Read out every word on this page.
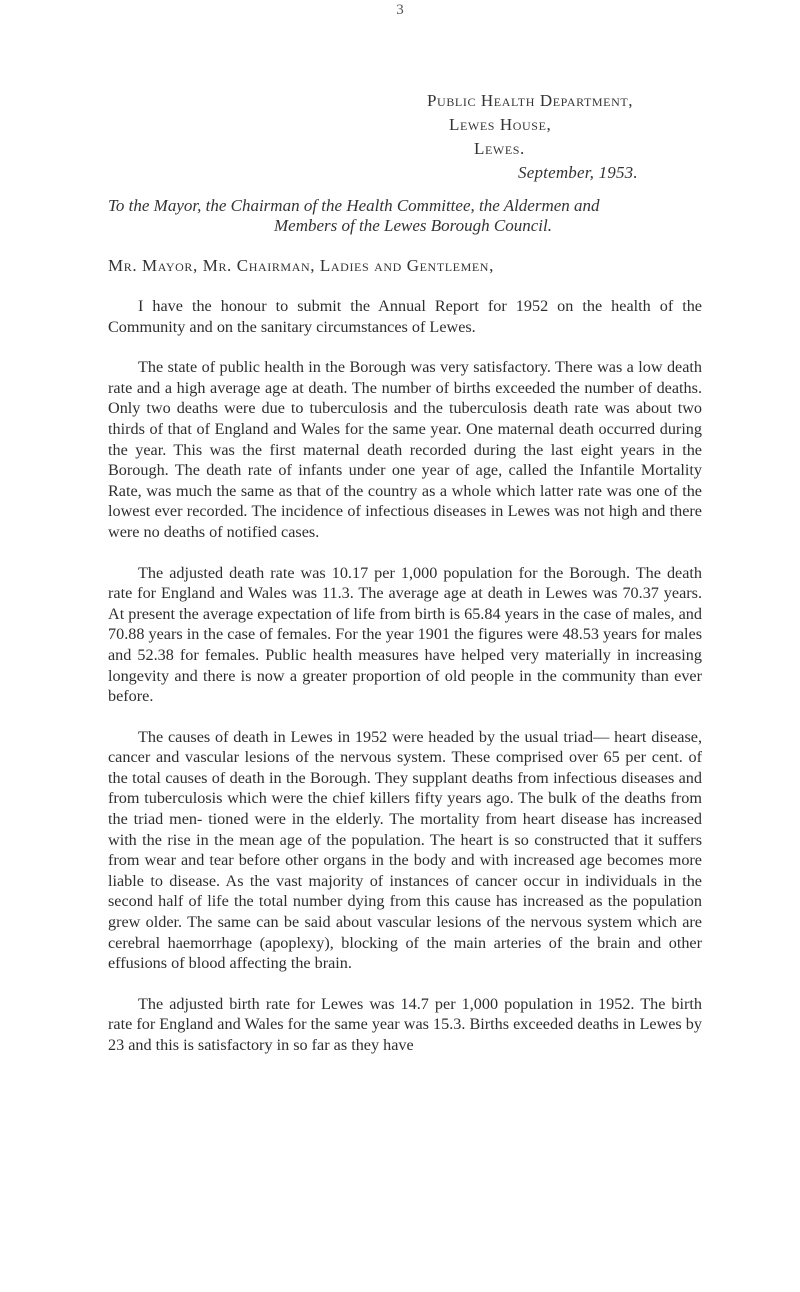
3
Public Health Department,
Lewes House,
Lewes.
September, 1953.
To the Mayor, the Chairman of the Health Committee, the Aldermen and
Members of the Lewes Borough Council.
Mr. Mayor, Mr. Chairman, Ladies and Gentlemen,

I have the honour to submit the Annual Report for 1952 on the health of the Community and on the sanitary circumstances of Lewes.

The state of public health in the Borough was very satisfactory. There was a low death rate and a high average age at death. The number of births exceeded the number of deaths. Only two deaths were due to tuberculosis and the tuberculosis death rate was about two thirds of that of England and Wales for the same year. One maternal death occurred during the year. This was the first maternal death recorded during the last eight years in the Borough. The death rate of infants under one year of age, called the Infantile Mortality Rate, was much the same as that of the country as a whole which latter rate was one of the lowest ever recorded. The incidence of infectious diseases in Lewes was not high and there were no deaths of notified cases.

The adjusted death rate was 10.17 per 1,000 population for the Borough. The death rate for England and Wales was 11.3. The average age at death in Lewes was 70.37 years. At present the average expectation of life from birth is 65.84 years in the case of males, and 70.88 years in the case of females. For the year 1901 the figures were 48.53 years for males and 52.38 for females. Public health measures have helped very materially in increasing longevity and there is now a greater proportion of old people in the community than ever before.

The causes of death in Lewes in 1952 were headed by the usual triad— heart disease, cancer and vascular lesions of the nervous system. These comprised over 65 per cent. of the total causes of death in the Borough. They supplant deaths from infectious diseases and from tuberculosis which were the chief killers fifty years ago. The bulk of the deaths from the triad men- tioned were in the elderly. The mortality from heart disease has increased with the rise in the mean age of the population. The heart is so constructed that it suffers from wear and tear before other organs in the body and with increased age becomes more liable to disease. As the vast majority of instances of cancer occur in individuals in the second half of life the total number dying from this cause has increased as the population grew older. The same can be said about vascular lesions of the nervous system which are cerebral haemorrhage (apoplexy), blocking of the main arteries of the brain and other effusions of blood affecting the brain.

The adjusted birth rate for Lewes was 14.7 per 1,000 population in 1952. The birth rate for England and Wales for the same year was 15.3. Births exceeded deaths in Lewes by 23 and this is satisfactory in so far as they have
